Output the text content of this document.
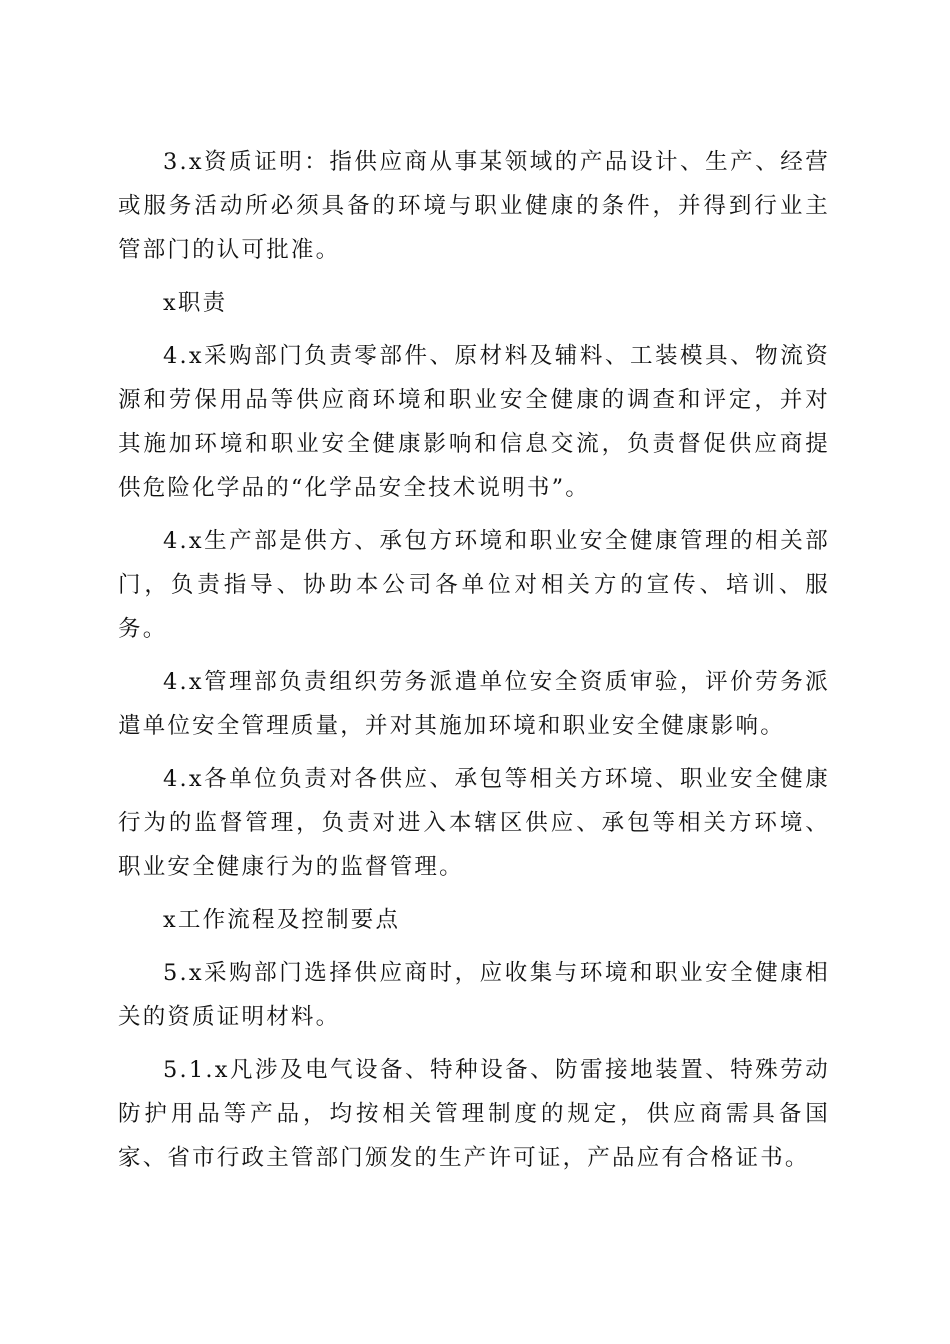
3.x资质证明：指供应商从事某领域的产品设计、生产、经营或服务活动所必须具备的环境与职业健康的条件，并得到行业主管部门的认可批准。

x职责

4.x采购部门负责零部件、原材料及辅料、工装模具、物流资源和劳保用品等供应商环境和职业安全健康的调查和评定，并对其施加环境和职业安全健康影响和信息交流，负责督促供应商提供危险化学品的“化学品安全技术说明书”。

4.x生产部是供方、承包方环境和职业安全健康管理的相关部门，负责指导、协助本公司各单位对相关方的宣传、培训、服务。

4.x管理部负责组织劳务派遣单位安全资质审验，评价劳务派遣单位安全管理质量，并对其施加环境和职业安全健康影响。

4.x各单位负责对各供应、承包等相关方环境、职业安全健康行为的监督管理，负责对进入本辖区供应、承包等相关方环境、职业安全健康行为的监督管理。

x工作流程及控制要点

5.x采购部门选择供应商时，应收集与环境和职业安全健康相关的资质证明材料。

5.1.x凡涉及电气设备、特种设备、防雷接地装置、特殊劳动防护用品等产品，均按相关管理制度的规定，供应商需具备国家、省市行政主管部门颁发的生产许可证，产品应有合格证书。
